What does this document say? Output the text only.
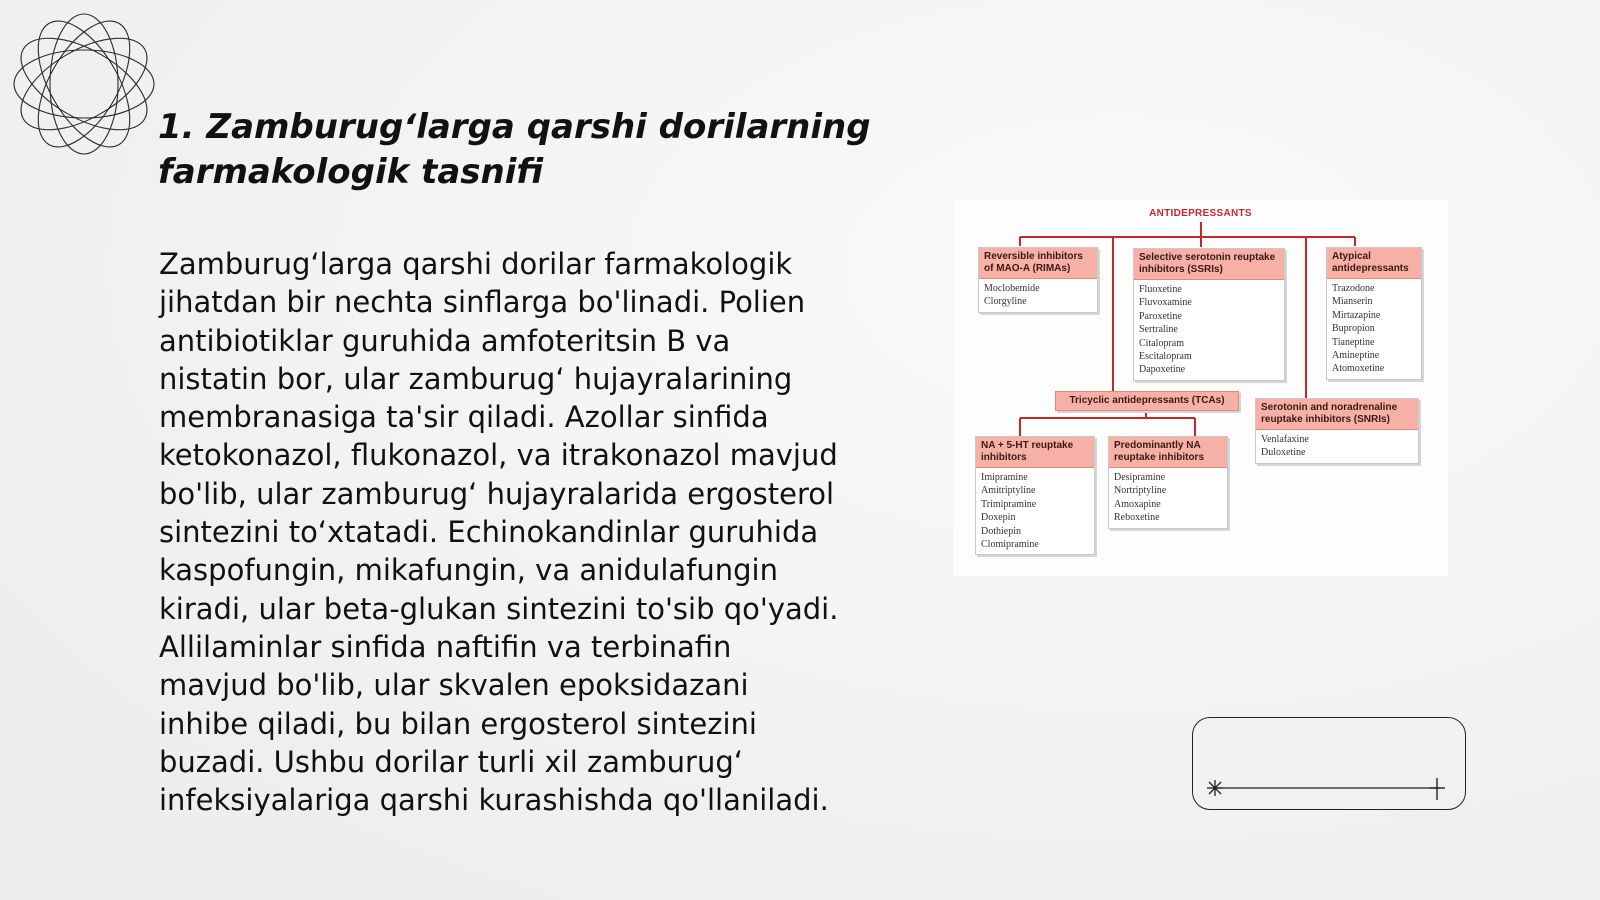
1. Zamburug‘larga qarshi dorilarning farmakologik tasnifi

Zamburug‘larga qarshi dorilar farmakologik jihatdan bir nechta sinflarga bo'linadi. Polien antibiotiklar guruhida amfoteritsin B va nistatin bor, ular zamburug‘ hujayralarining membranasiga ta'sir qiladi. Azollar sinfida ketokonazol, flukonazol, va itrakonazol mavjud bo'lib, ular zamburug‘ hujayralarida ergosterol sintezini to‘xtatadi. Echinokandinlar guruhida kaspofungin, mikafungin, va anidulafungin kiradi, ular beta-glukan sintezini to'sib qo'yadi. Allilaminlar sinfida naftifin va terbinafin mavjud bo'lib, ular skvalen epoksidazani inhibe qiladi, bu bilan ergosterol sintezini buzadi. Ushbu dorilar turli xil zamburug‘ infeksiyalariga qarshi kurashishda qo'llaniladi.

ANTIDEPRESSANTS
Reversible inhibitors of MAO-A (RIMAs)
Moclobemide
Clorgyline
Selective serotonin reuptake inhibitors (SSRIs)
Fluoxetine
Fluvoxamine
Paroxetine
Sertraline
Citalopram
Escitalopram
Dapoxetine
Atypical antidepressants
Trazodone
Mianserin
Mirtazapine
Bupropion
Tianeptine
Amineptine
Atomoxetine
Tricyclic antidepressants (TCAs)
Serotonin and noradrenaline reuptake inhibitors (SNRIs)
Venlafaxine
Duloxetine
NA + 5-HT reuptake inhibitors
Imipramine
Amitriptyline
Trimipramine
Doxepin
Dothiepin
Clomipramine
Predominantly NA reuptake inhibitors
Desipramine
Nortriptyline
Amoxapine
Reboxetine
